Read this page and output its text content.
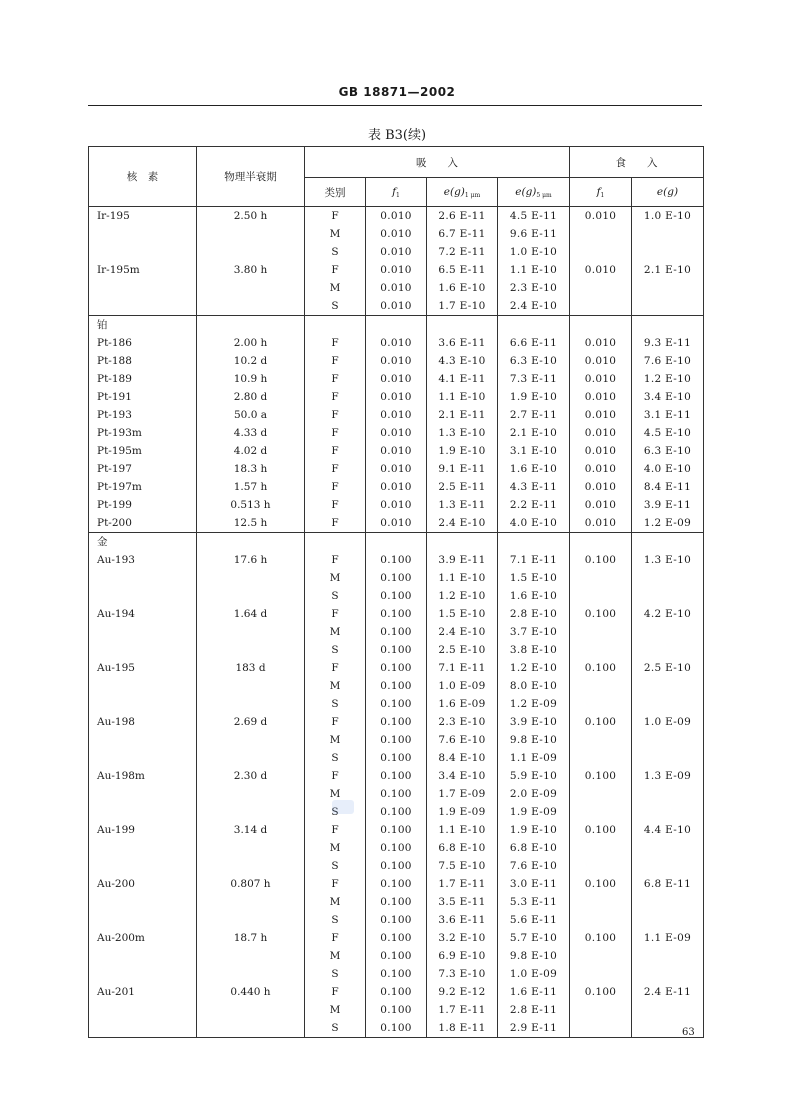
GB 18871—2002
表 B3(续)
核　素	物理半衰期	吸　　入				食　　入	
		类别	$f_1$	$e(g)_{1 \mu m}$	$e(g)_{5 \mu m}$	$f_1$	e(g)
Ir-195	2.50 h	F	0.010	2.6 E-11	4.5 E-11	0.010	1.0 E-10
		M	0.010	6.7 E-11	9.6 E-11		
		S	0.010	7.2 E-11	1.0 E-10		
Ir-195m	3.80 h	F	0.010	6.5 E-11	1.1 E-10	0.010	2.1 E-10
		M	0.010	1.6 E-10	2.3 E-10		
		S	0.010	1.7 E-10	2.4 E-10		
铂							
Pt-186	2.00 h	F	0.010	3.6 E-11	6.6 E-11	0.010	9.3 E-11
Pt-188	10.2 d	F	0.010	4.3 E-10	6.3 E-10	0.010	7.6 E-10
Pt-189	10.9 h	F	0.010	4.1 E-11	7.3 E-11	0.010	1.2 E-10
Pt-191	2.80 d	F	0.010	1.1 E-10	1.9 E-10	0.010	3.4 E-10
Pt-193	50.0 a	F	0.010	2.1 E-11	2.7 E-11	0.010	3.1 E-11
Pt-193m	4.33 d	F	0.010	1.3 E-10	2.1 E-10	0.010	4.5 E-10
Pt-195m	4.02 d	F	0.010	1.9 E-10	3.1 E-10	0.010	6.3 E-10
Pt-197	18.3 h	F	0.010	9.1 E-11	1.6 E-10	0.010	4.0 E-10
Pt-197m	1.57 h	F	0.010	2.5 E-11	4.3 E-11	0.010	8.4 E-11
Pt-199	0.513 h	F	0.010	1.3 E-11	2.2 E-11	0.010	3.9 E-11
Pt-200	12.5 h	F	0.010	2.4 E-10	4.0 E-10	0.010	1.2 E-09
金							
Au-193	17.6 h	F	0.100	3.9 E-11	7.1 E-11	0.100	1.3 E-10
		M	0.100	1.1 E-10	1.5 E-10		
		S	0.100	1.2 E-10	1.6 E-10		
Au-194	1.64 d	F	0.100	1.5 E-10	2.8 E-10	0.100	4.2 E-10
		M	0.100	2.4 E-10	3.7 E-10		
		S	0.100	2.5 E-10	3.8 E-10		
Au-195	183 d	F	0.100	7.1 E-11	1.2 E-10	0.100	2.5 E-10
		M	0.100	1.0 E-09	8.0 E-10		
		S	0.100	1.6 E-09	1.2 E-09		
Au-198	2.69 d	F	0.100	2.3 E-10	3.9 E-10	0.100	1.0 E-09
		M	0.100	7.6 E-10	9.8 E-10		
		S	0.100	8.4 E-10	1.1 E-09		
Au-198m	2.30 d	F	0.100	3.4 E-10	5.9 E-10	0.100	1.3 E-09
		M	0.100	1.7 E-09	2.0 E-09		
		S	0.100	1.9 E-09	1.9 E-09		
Au-199	3.14 d	F	0.100	1.1 E-10	1.9 E-10	0.100	4.4 E-10
		M	0.100	6.8 E-10	6.8 E-10		
		S	0.100	7.5 E-10	7.6 E-10		
Au-200	0.807 h	F	0.100	1.7 E-11	3.0 E-11	0.100	6.8 E-11
		M	0.100	3.5 E-11	5.3 E-11		
		S	0.100	3.6 E-11	5.6 E-11		
Au-200m	18.7 h	F	0.100	3.2 E-10	5.7 E-10	0.100	1.1 E-09
		M	0.100	6.9 E-10	9.8 E-10		
		S	0.100	7.3 E-10	1.0 E-09		
Au-201	0.440 h	F	0.100	9.2 E-12	1.6 E-11	0.100	2.4 E-11
		M	0.100	1.7 E-11	2.8 E-11		
		S	0.100	1.8 E-11	2.9 E-11			63
